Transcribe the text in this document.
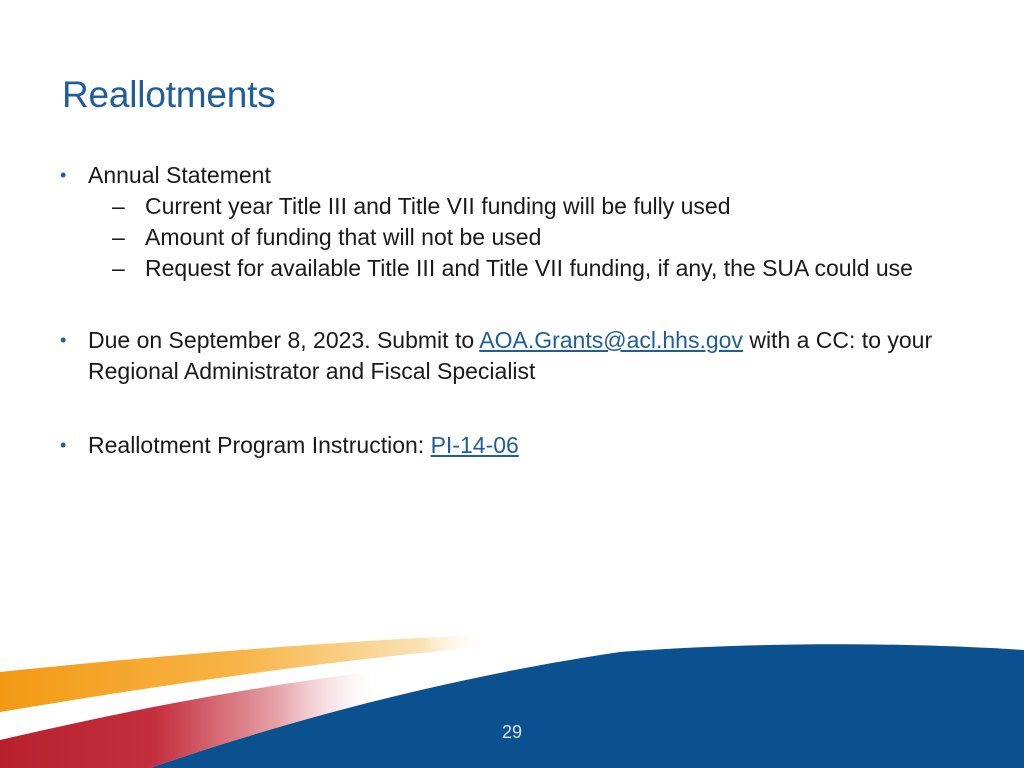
Reallotments
• Annual Statement
– Current year Title III and Title VII funding will be fully used
– Amount of funding that will not be used
– Request for available Title III and Title VII funding, if any, the SUA could use
• Due on September 8, 2023. Submit to AOA.Grants@acl.hhs.gov with a CC: to your Regional Administrator and Fiscal Specialist
• Reallotment Program Instruction: PI-14-06
29
